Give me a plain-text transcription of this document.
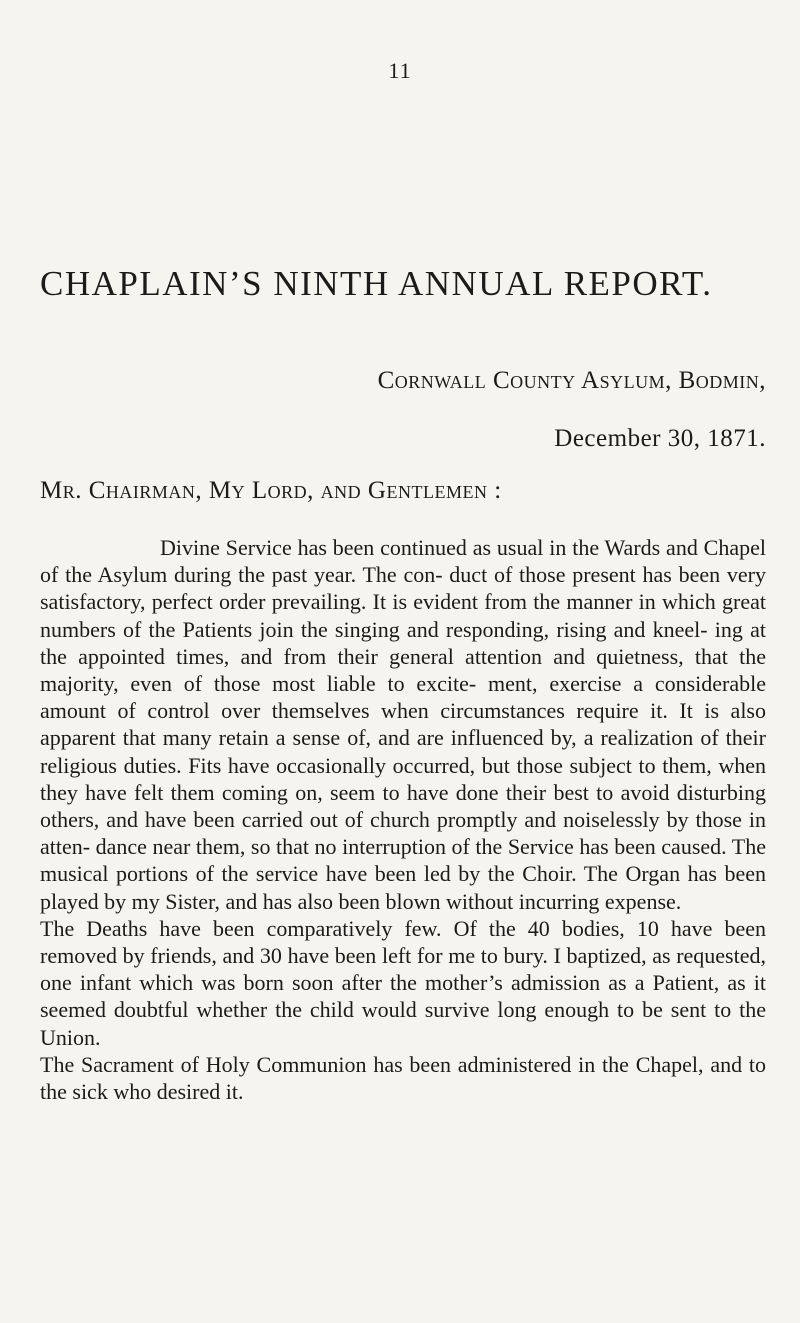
11
CHAPLAIN’S NINTH ANNUAL REPORT.
Cornwall County Asylum, Bodmin,
December 30, 1871.
Mr. Chairman, My Lord, and Gentlemen :

Divine Service has been continued as usual in the Wards and Chapel of the Asylum during the past year. The con- duct of those present has been very satisfactory, perfect order prevailing. It is evident from the manner in which great numbers of the Patients join the singing and responding, rising and kneel- ing at the appointed times, and from their general attention and quietness, that the majority, even of those most liable to excite- ment, exercise a considerable amount of control over themselves when circumstances require it. It is also apparent that many retain a sense of, and are influenced by, a realization of their religious duties. Fits have occasionally occurred, but those subject to them, when they have felt them coming on, seem to have done their best to avoid disturbing others, and have been carried out of church promptly and noiselessly by those in atten- dance near them, so that no interruption of the Service has been caused. The musical portions of the service have been led by the Choir. The Organ has been played by my Sister, and has also been blown without incurring expense.

The Deaths have been comparatively few. Of the 40 bodies, 10 have been removed by friends, and 30 have been left for me to bury. I baptized, as requested, one infant which was born soon after the mother’s admission as a Patient, as it seemed doubtful whether the child would survive long enough to be sent to the Union.

The Sacrament of Holy Communion has been administered in the Chapel, and to the sick who desired it.
